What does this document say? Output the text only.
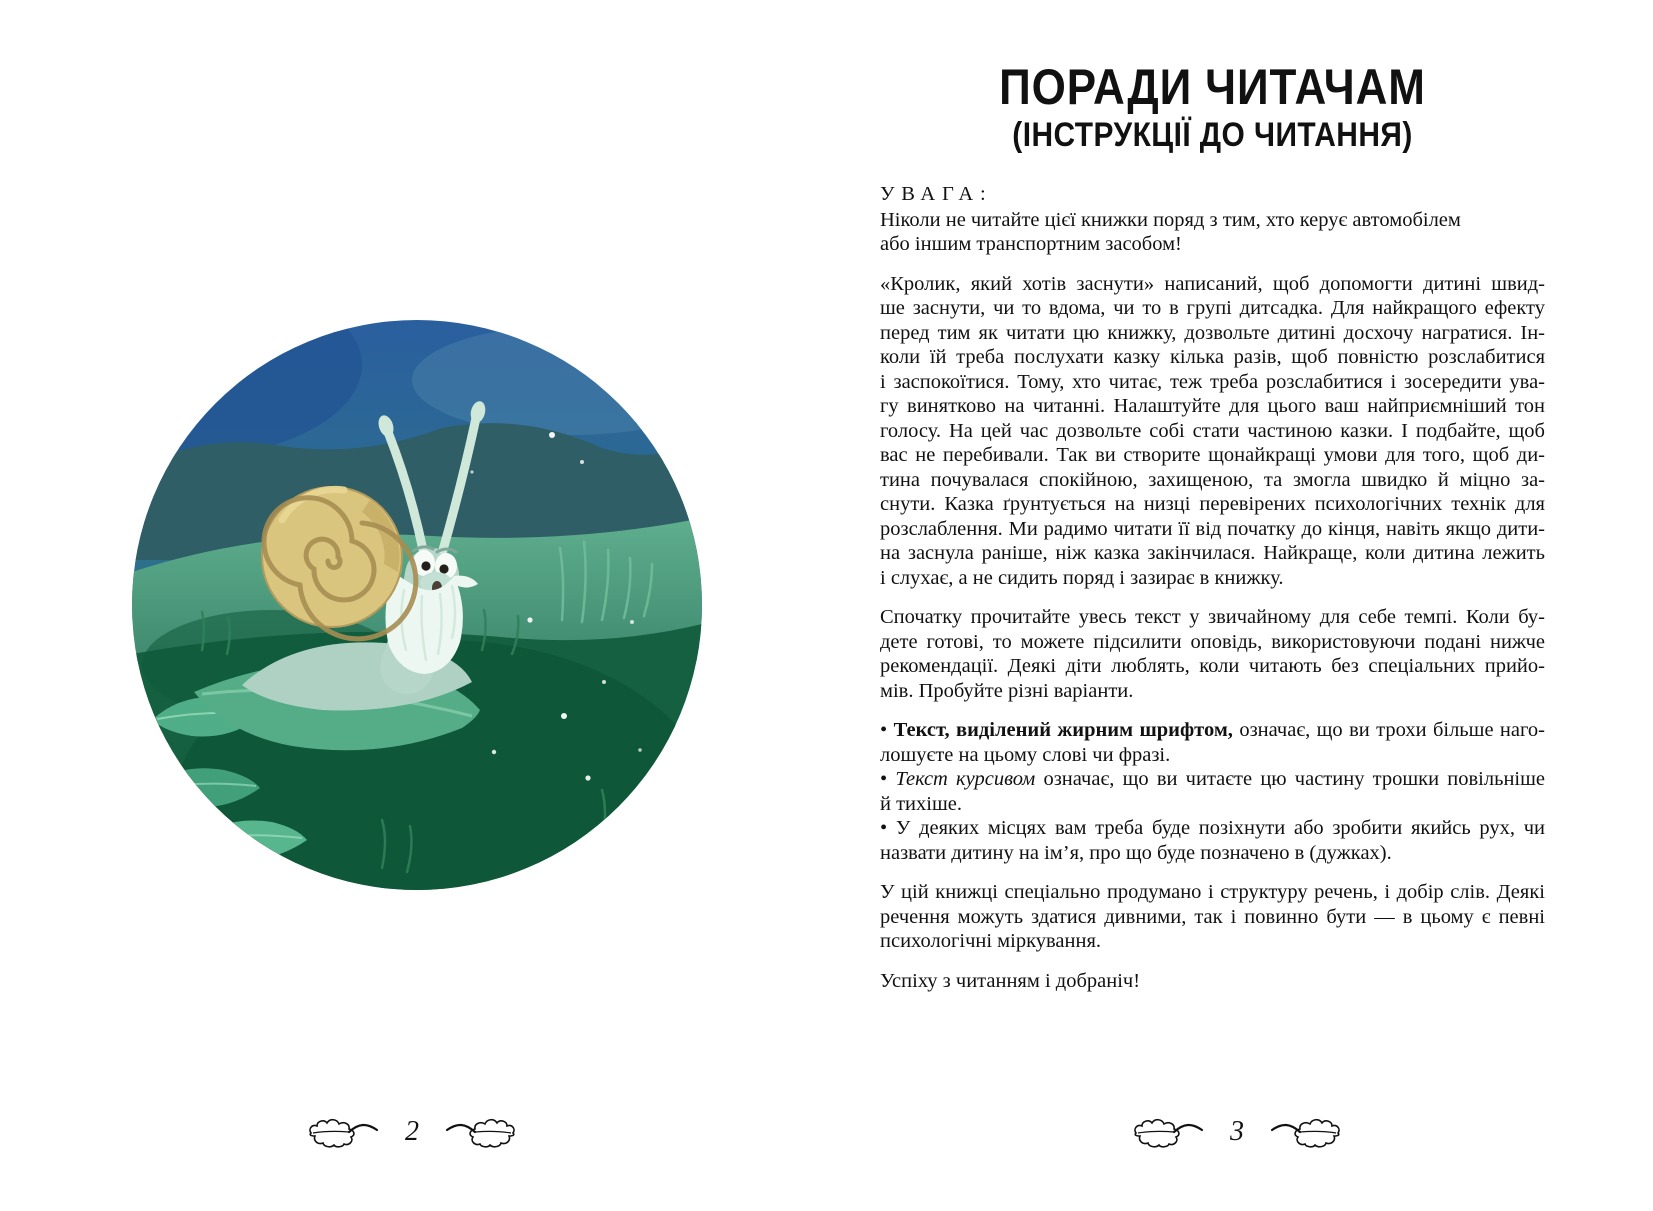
2
ПОРАДИ ЧИТАЧАМ
(ІНСТРУКЦІЇ ДО ЧИТАННЯ)
УВАГА:
Ніколи не читайте цієї книжки поряд з тим, хто керує автомобілем
або іншим транспортним засобом!
«Кролик, який хотів заснути» написаний, щоб допомогти дитині швид-
ше заснути, чи то вдома, чи то в групі дитсадка. Для найкращого ефекту
перед тим як читати цю книжку, дозвольте дитині досхочу награтися. Ін-
коли їй треба послухати казку кілька разів, щоб повністю розслабитися
і заспокоїтися. Тому, хто читає, теж треба розслабитися і зосередити ува-
гу винятково на читанні. Налаштуйте для цього ваш найприємніший тон
голосу. На цей час дозвольте собі стати частиною казки. І подбайте, щоб
вас не перебивали. Так ви створите щонайкращі умови для того, щоб ди-
тина почувалася спокійною, захищеною, та змогла швидко й міцно за-
снути. Казка ґрунтується на низці перевірених психологічних технік для
розслаблення. Ми радимо читати її від початку до кінця, навіть якщо дити-
на заснула раніше, ніж казка закінчилася. Найкраще, коли дитина лежить
і слухає, а не сидить поряд і зазирає в книжку.
Спочатку прочитайте увесь текст у звичайному для себе темпі. Коли бу-
дете готові, то можете підсилити оповідь, використовуючи подані нижче
рекомендації. Деякі діти люблять, коли читають без спеціальних прийо-
мів. Пробуйте різні варіанти.
• Текст, виділений жирним шрифтом, означає, що ви трохи більше наго-
лошуєте на цьому слові чи фразі.
• Текст курсивом означає, що ви читаєте цю частину трошки повільніше
й тихіше.
• У деяких місцях вам треба буде позіхнути або зробити якийсь рух, чи
назвати дитину на ім’я, про що буде позначено в (дужках).
У цій книжці спеціально продумано і структуру речень, і добір слів. Деякі
речення можуть здатися дивними, так і повинно бути — в цьому є певні
психологічні міркування.
Успіху з читанням і добраніч!
3
